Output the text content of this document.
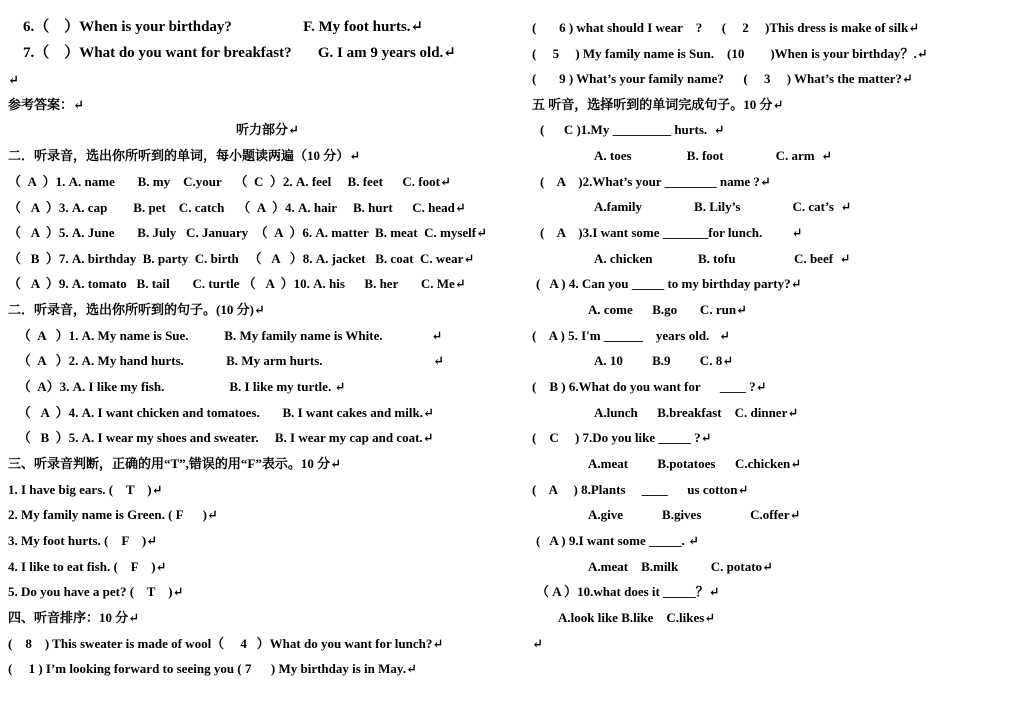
6.（    ）When is your birthday?                   F. My foot hurts.↵
7.（    ）What do you want for breakfast?       G. I am 9 years old.↵
↵
参考答案：↵
听力部分↵
二．听录音，选出你所听到的单词，每小题读两遍（10 分）↵
（  A  ）1. A. name       B. my    C.your    （  C  ）2. A. feel     B. feet      C. foot↵
（   A  ）3. A. cap        B. pet    C. catch    （  A  ）4. A. hair     B. hurt      C. head↵
（   A  ）5. A. June       B. July   C. January  （  A  ）6. A. matter  B. meat  C. myself↵
（   B  ）7. A. birthday  B. party  C. birth   （   A   ）8. A. jacket   B. coat  C. wear↵
（   A  ）9. A. tomato   B. tail       C. turtle （   A  ）10. A. his      B. her       C. Me↵
二．听录音，选出你所听到的句子。(10 分)↵
（  A   ）1. A. My name is Sue.           B. My family name is White.               ↵
（  A   ）2. A. My hand hurts.             B. My arm hurts.                                  ↵
（  A）3. A. I like my fish.                    B. I like my turtle. ↵
（   A  ）4. A. I want chicken and tomatoes.       B. I want cakes and milk.↵
（   B  ）5. A. I wear my shoes and sweater.     B. I wear my cap and coat.↵
三、听录音判断，正确的用“T”,错误的用“F”表示。10 分↵
1. I have big ears. (    T    )↵
2. My family name is Green. ( F      )↵
3. My foot hurts. (    F    )↵
4. I like to eat fish. (    F    )↵
5. Do you have a pet? (    T    )↵
四、听音排序：10 分↵
(    8    ) This sweater is made of wool（     4   ）What do you want for lunch?↵
(     1 ) I’m looking forward to seeing you ( 7      ) My birthday is in May.↵
(       6 ) what should I wear    ?      (     2     )This dress is make of silk↵
(     5     ) My family name is Sun.    (10        )When is your birthday？.↵
(       9 ) What’s your family name?      (     3     ) What’s the matter?↵
五 听音，选择听到的单词完成句子。10 分↵
(      C )1.My _________ hurts.  ↵
A. toes                 B. foot                C. arm  ↵
(    A    )2.What’s your ________ name ?↵
A.family                B. Lily’s                C. cat’s  ↵
(    A    )3.I want some _______for lunch.         ↵
A. chicken              B. tofu                  C. beef  ↵
(   A ) 4. Can you _____ to my birthday party?↵
A. come      B.go       C. run↵
(    A ) 5. I'm ______    years old.   ↵
A. 10         B.9         C. 8↵
(    B ) 6.What do you want for      ____ ?↵
A.lunch      B.breakfast    C. dinner↵
(    C     ) 7.Do you like _____ ?↵
A.meat         B.potatoes      C.chicken↵
(    A     ) 8.Plants     ____      us cotton↵
A.give            B.gives               C.offer↵
(   A ) 9.I want some _____. ↵
A.meat    B.milk          C. potato↵
（ A ）10.what does it _____？↵
A.look like B.like    C.likes↵
↵
